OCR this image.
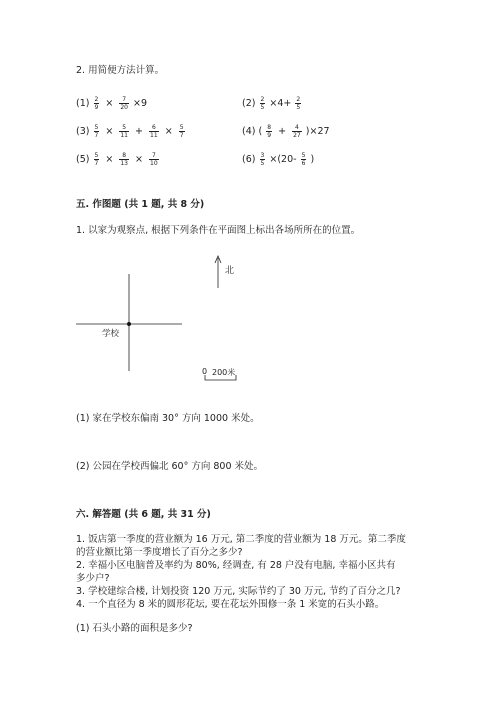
2. 用简便方法计算。
$(1) \frac{2}{9} \times \frac{7}{20} \times 9$	$(2) \frac{2}{5} \times 4+ \frac{2}{5}$
$(3) \frac{5}{7} \times \frac{5}{11} + \frac{6}{11} \times \frac{5}{7}$	(4) ( $\frac{8}{9} + \frac{4}{27} )\times 27$
$(5) \frac{5}{7} \times \frac{8}{13} \times \frac{7}{10}$	$(6) \frac{3}{5} \times(20- \frac{5}{6}$ )
五. 作图题 (共 1 题, 共 8 分)
1. 以家为观察点, 根据下列条件在平面图上标出各场所所在的位置。
北
学校
0 200米
(1) 家在学校东偏南 30° 方向 1000 米处。
(2) 公园在学校西偏北 60° 方向 800 米处。
六. 解答题 (共 6 题, 共 31 分)
1. 饭店第一季度的营业额为 16 万元, 第二季度的营业额为 18 万元。第二季度
的营业额比第一季度增长了百分之多少?
2. 幸福小区电脑普及率约为 80%, 经调查, 有 28 户没有电脑, 幸福小区共有
多少户?
3. 学校建综合楼, 计划投资 120 万元, 实际节约了 30 万元, 节约了百分之几?
4. 一个直径为 8 米的圆形花坛, 要在花坛外围修一条 1 米宽的石头小路。
(1) 石头小路的面积是多少?
